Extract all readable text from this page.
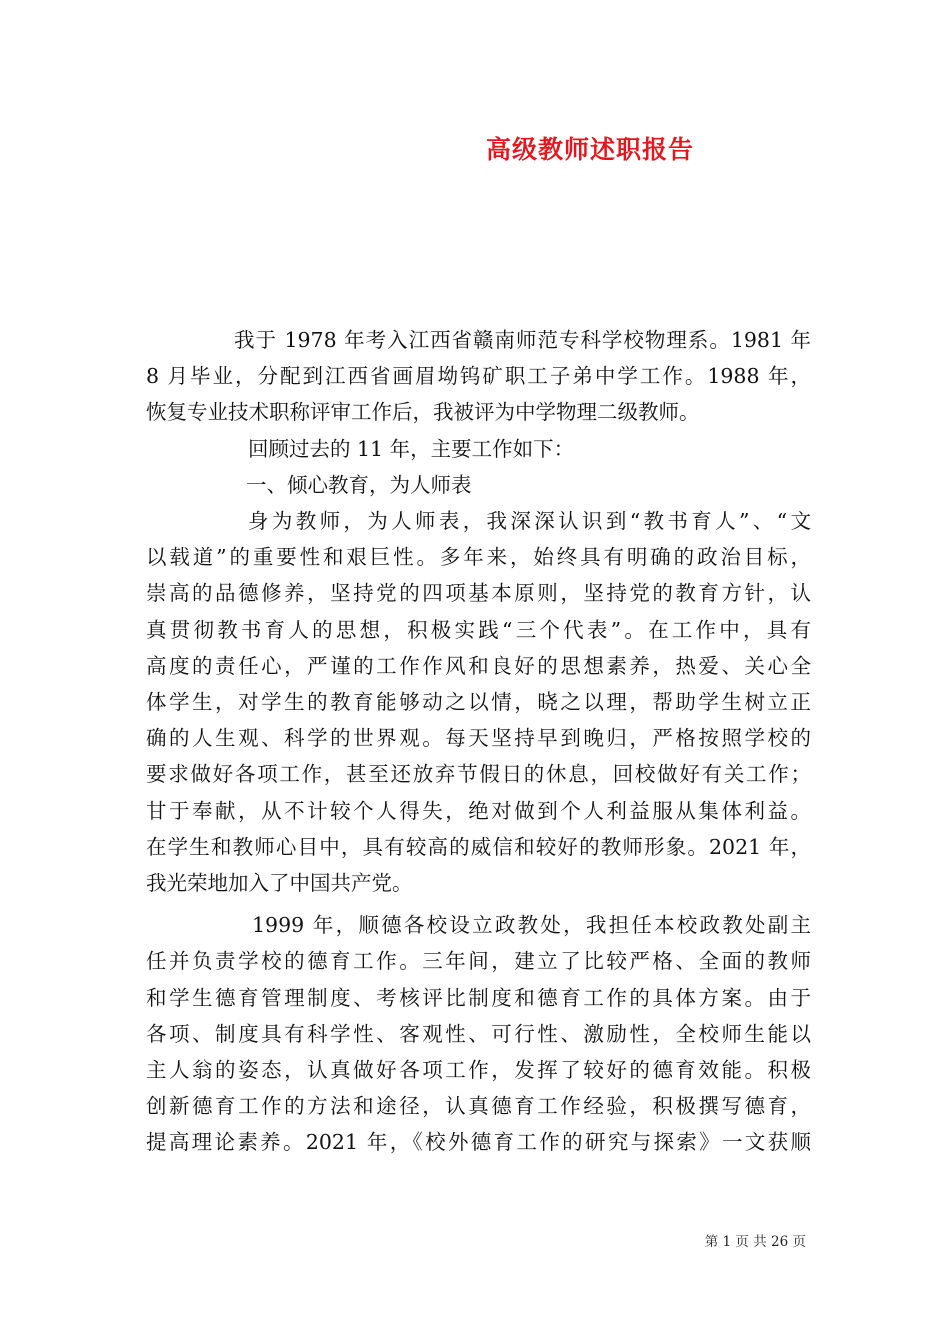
高级教师述职报告
我于 1978 年考入江西省赣南师范专科学校物理系。1981 年
8 月毕业，分配到江西省画眉坳钨矿职工子弟中学工作。1988 年，
恢复专业技术职称评审工作后，我被评为中学物理二级教师。
回顾过去的 11 年，主要工作如下：
一、倾心教育，为人师表
身为教师，为人师表，我深深认识到“教书育人”、“文
以载道”的重要性和艰巨性。多年来，始终具有明确的政治目标，
崇高的品德修养，坚持党的四项基本原则，坚持党的教育方针，认
真贯彻教书育人的思想，积极实践“三个代表”。在工作中，具有
高度的责任心，严谨的工作作风和良好的思想素养，热爱、关心全
体学生，对学生的教育能够动之以情，晓之以理，帮助学生树立正
确的人生观、科学的世界观。每天坚持早到晚归，严格按照学校的
要求做好各项工作，甚至还放弃节假日的休息，回校做好有关工作；
甘于奉献，从不计较个人得失，绝对做到个人利益服从集体利益。
在学生和教师心目中，具有较高的威信和较好的教师形象。2021 年，
我光荣地加入了中国共产党。
1999 年，顺德各校设立政教处，我担任本校政教处副主
任并负责学校的德育工作。三年间，建立了比较严格、全面的教师
和学生德育管理制度、考核评比制度和德育工作的具体方案。由于
各项、制度具有科学性、客观性、可行性、激励性，全校师生能以
主人翁的姿态，认真做好各项工作，发挥了较好的德育效能。积极
创新德育工作的方法和途径，认真德育工作经验，积极撰写德育，
提高理论素养。2021 年，《校外德育工作的研究与探索》一文获顺
第 1 页 共 26 页
